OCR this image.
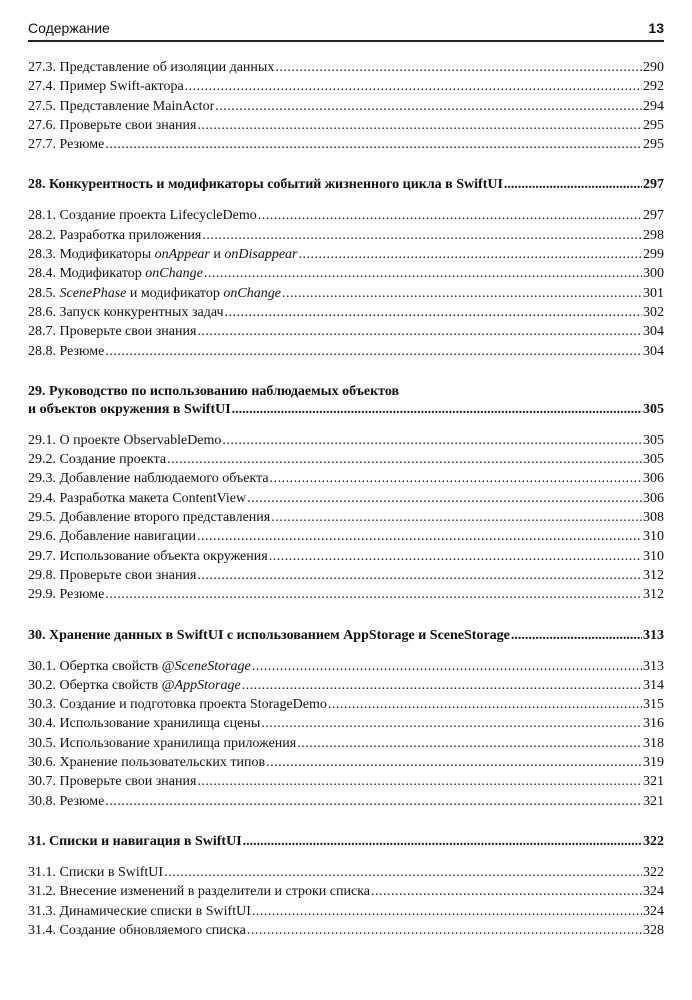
Содержание	13
27.3. Представление об изоляции данных .....	290
27.4. Пример Swift-актора .....	292
27.5. Представление MainActor .....	294
27.6. Проверьте свои знания .....	295
27.7. Резюме .....	295
28. Конкурентность и модификаторы событий жизненного цикла в SwiftUI .....	297
28.1. Создание проекта LifecycleDemo .....	297
28.2. Разработка приложения .....	298
28.3. Модификаторы onAppear и onDisappear .....	299
28.4. Модификатор onChange .....	300
28.5. ScenePhase и модификатор onChange .....	301
28.6. Запуск конкурентных задач .....	302
28.7. Проверьте свои знания .....	304
28.8. Резюме .....	304
29. Руководство по использованию наблюдаемых объектов
и объектов окружения в SwiftUI .....	305
29.1. О проекте ObservableDemo .....	305
29.2. Создание проекта .....	305
29.3. Добавление наблюдаемого объекта .....	306
29.4. Разработка макета ContentView .....	306
29.5. Добавление второго представления .....	308
29.6. Добавление навигации .....	310
29.7. Использование объекта окружения .....	310
29.8. Проверьте свои знания .....	312
29.9. Резюме .....	312
30. Хранение данных в SwiftUI с использованием AppStorage и SceneStorage .....	313
30.1. Обертка свойств @SceneStorage .....	313
30.2. Обертка свойств @AppStorage .....	314
30.3. Создание и подготовка проекта StorageDemo .....	315
30.4. Использование хранилища сцены .....	316
30.5. Использование хранилища приложения .....	318
30.6. Хранение пользовательских типов .....	319
30.7. Проверьте свои знания .....	321
30.8. Резюме .....	321
31. Списки и навигация в SwiftUI .....	322
31.1. Списки в SwiftUI .....	322
31.2. Внесение изменений в разделители и строки списка .....	324
31.3. Динамические списки в SwiftUI .....	324
31.4. Создание обновляемого списка .....	328
